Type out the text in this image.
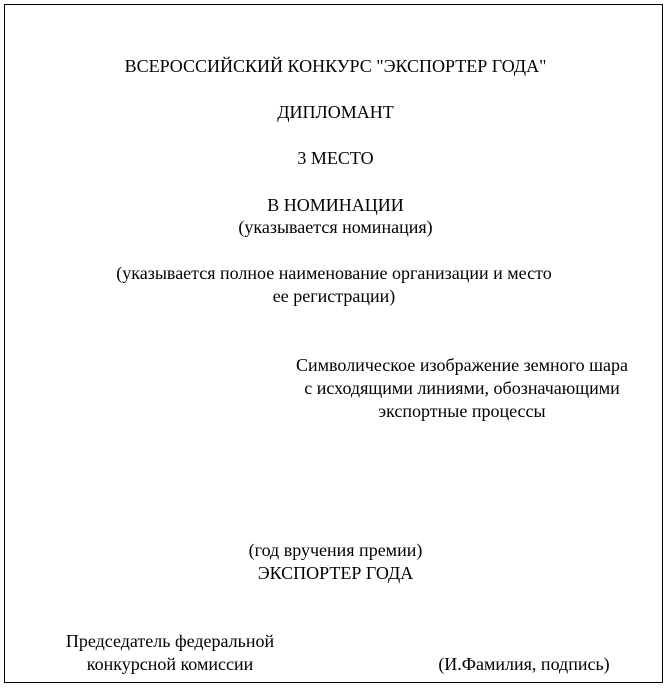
ВСЕРОССИЙСКИЙ КОНКУРС "ЭКСПОРТЕР ГОДА"
ДИПЛОМАНТ
3 МЕСТО
В НОМИНАЦИИ
(указывается номинация)
(указывается полное наименование организации и место
ее регистрации)
Символическое изображение земного шара
с исходящими линиями, обозначающими
экспортные процессы
(год вручения премии)
ЭКСПОРТЕР ГОДА
Председатель федеральной
конкурсной комиссии	(И.Фамилия, подпись)
